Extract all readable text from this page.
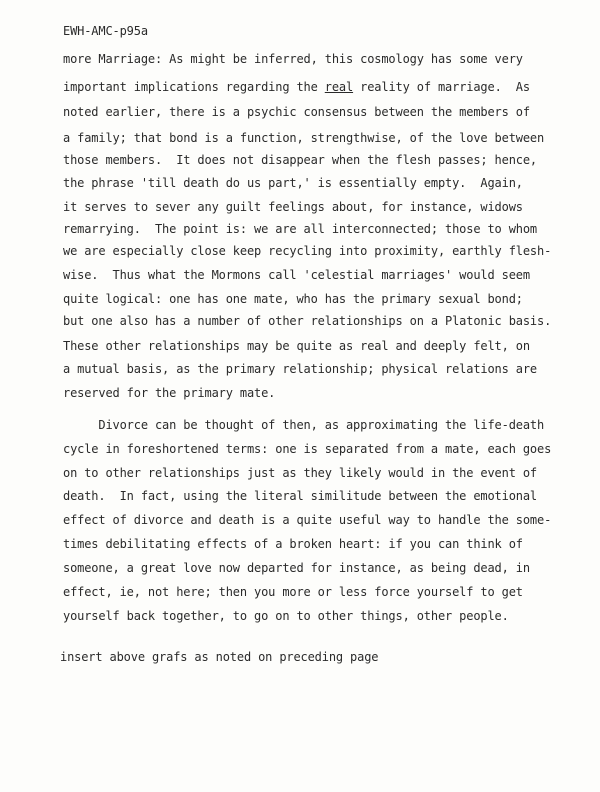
EWH-AMC-p95a
more Marriage: As might be inferred, this cosmology has some very
important implications regarding the real reality of marriage.  As
noted earlier, there is a psychic consensus between the members of
a family; that bond is a function, strengthwise, of the love between
those members.  It does not disappear when the flesh passes; hence,
the phrase 'till death do us part,' is essentially empty.  Again,
it serves to sever any guilt feelings about, for instance, widows
remarrying.  The point is: we are all interconnected; those to whom
we are especially close keep recycling into proximity, earthly flesh-
wise.  Thus what the Mormons call 'celestial marriages' would seem
quite logical: one has one mate, who has the primary sexual bond;
but one also has a number of other relationships on a Platonic basis.
These other relationships may be quite as real and deeply felt, on
a mutual basis, as the primary relationship; physical relations are
reserved for the primary mate.
Divorce can be thought of then, as approximating the life-death
cycle in foreshortened terms: one is separated from a mate, each goes
on to other relationships just as they likely would in the event of
death.  In fact, using the literal similitude between the emotional
effect of divorce and death is a quite useful way to handle the some-
times debilitating effects of a broken heart: if you can think of
someone, a great love now departed for instance, as being dead, in
effect, ie, not here; then you more or less force yourself to get
yourself back together, to go on to other things, other people.
insert above grafs as noted on preceding page
